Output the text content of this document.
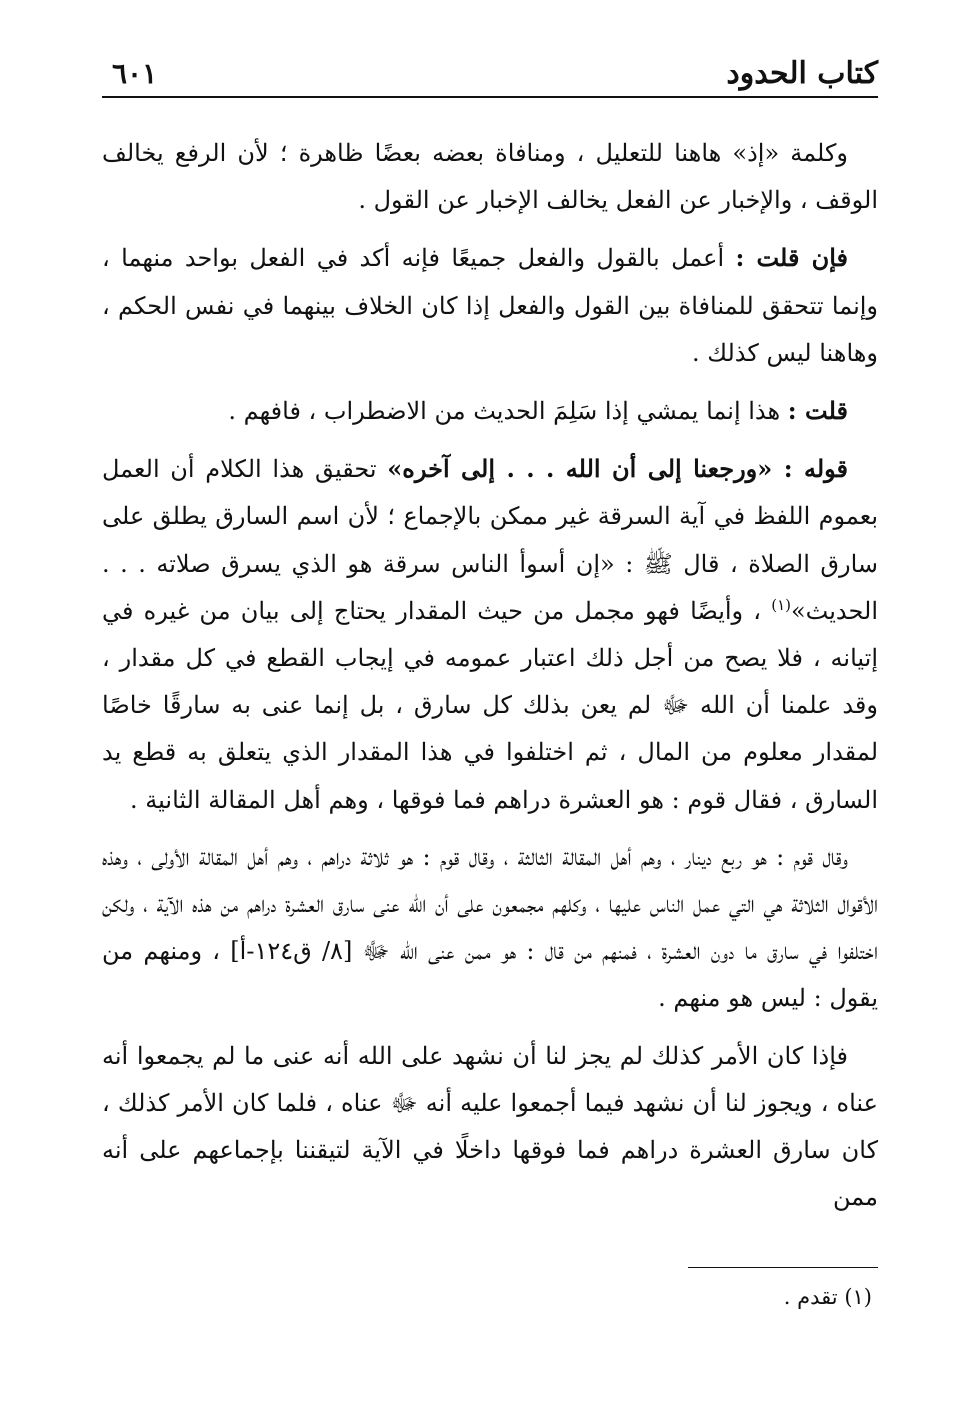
كتاب الحدود
٦٠١

وكلمة «إذ» هاهنا للتعليل ، ومنافاة بعضه بعضًا ظاهرة ؛ لأن الرفع يخالف الوقف ، والإخبار عن الفعل يخالف الإخبار عن القول .

فإن قلت : أعمل بالقول والفعل جميعًا فإنه أكد في الفعل بواحد منهما ، وإنما تتحقق للمنافاة بين القول والفعل إذا كان الخلاف بينهما في نفس الحكم ، وهاهنا ليس كذلك .

قلت : هذا إنما يمشي إذا سَلِمَ الحديث من الاضطراب ، فافهم .

قوله : «ورجعنا إلى أن الله . . . إلى آخره» تحقيق هذا الكلام أن العمل بعموم اللفظ في آية السرقة غير ممكن بالإجماع ؛ لأن اسم السارق يطلق على سارق الصلاة ، قال ﷺ : «إن أسوأ الناس سرقة هو الذي يسرق صلاته . . . الحديث»$^{(١)}$ ، وأيضًا فهو مجمل من حيث المقدار يحتاج إلى بيان من غيره في إتيانه ، فلا يصح من أجل ذلك اعتبار عمومه في إيجاب القطع في كل مقدار ، وقد علمنا أن الله ﷻ لم يعن بذلك كل سارق ، بل إنما عنى به سارقًا خاصًا لمقدار معلوم من المال ، ثم اختلفوا في هذا المقدار الذي يتعلق به قطع يد السارق ، فقال قوم : هو العشرة دراهم فما فوقها ، وهم أهل المقالة الثانية .

وقال قوم : هو ربع دينار ، وهم أهل المقالة الثالثة ، وقال قوم : هو ثلاثة دراهم ، وهم أهل المقالة الأولى ، وهذه الأقوال الثلاثة هي التي عمل الناس عليها ، وكلهم مجمعون على أن الله عنى سارق العشرة دراهم من هذه الآية ، ولكن اختلفوا في سارق ما دون العشرة ، فمنهم من قال : هو ممن عنى الله ﷻ [٨/ ق١٢٤-أ] ، ومنهم من يقول : ليس هو منهم .

فإذا كان الأمر كذلك لم يجز لنا أن نشهد على الله أنه عنى ما لم يجمعوا أنه عناه ، ويجوز لنا أن نشهد فيما أجمعوا عليه أنه ﷻ عناه ، فلما كان الأمر كذلك ، كان سارق العشرة دراهم فما فوقها داخلًا في الآية لتيقننا بإجماعهم على أنه ممن

(١) تقدم .
